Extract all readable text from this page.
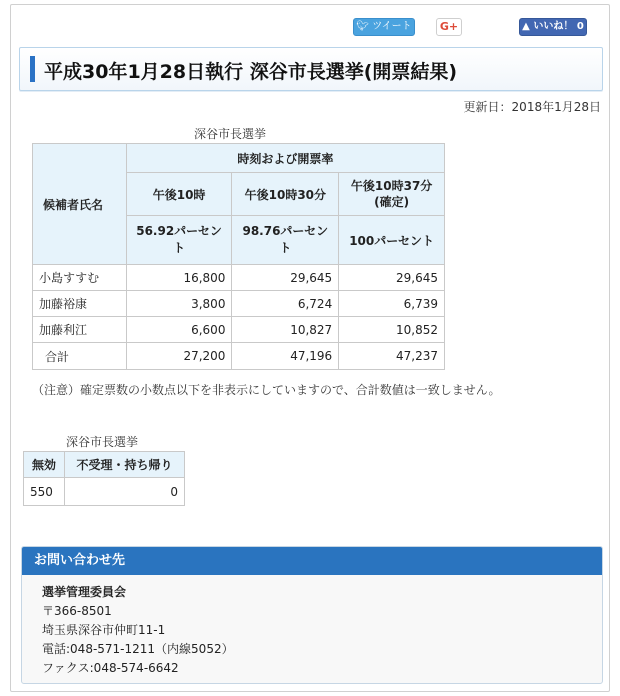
🐦︎ ツイート	G+	▲ いいね！ 0
平成30年1月28日執行 深谷市長選挙(開票結果)
更新日：2018年1月28日
深谷市長選挙
候補者氏名	時刻および開票率		
	午後10時	午後10時30分	午後10時37分
(確定)
	56.92パーセント	98.76パーセント	100パーセント
小島すすむ	16,800	29,645	29,645
加藤裕康	3,800	6,724	6,739
加藤利江	6,600	10,827	10,852
合計	27,200	47,196	47,237
（注意）確定票数の小数点以下を非表示にしていますので、合計数値は一致しません。
深谷市長選挙
無効	不受理・持ち帰り
550	0
お問い合わせ先
選挙管理委員会
〒366-8501
埼玉県深谷市仲町11-1
電話:048-571-1211（内線5052）
ファクス:048-574-6642
